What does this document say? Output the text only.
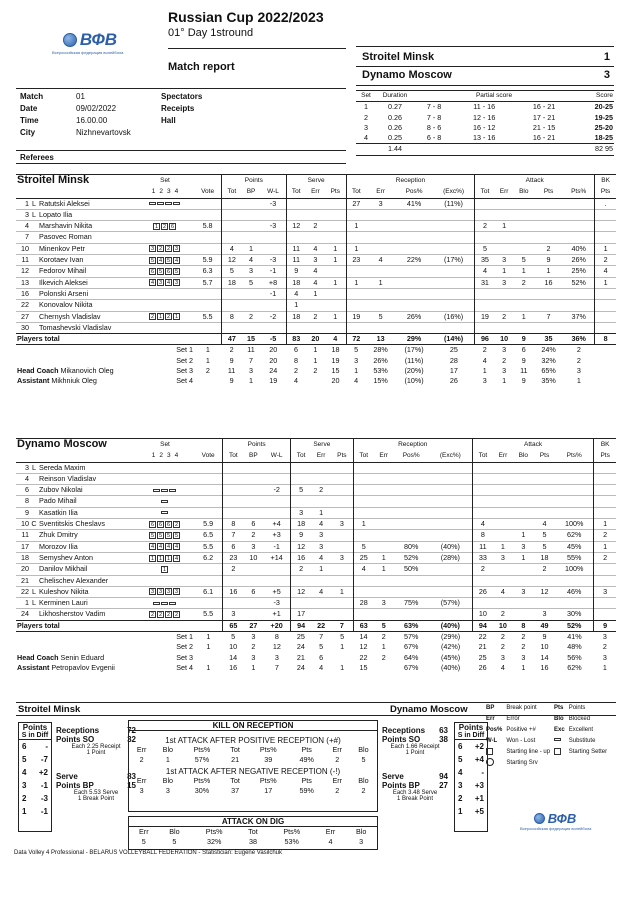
ВФВ
Всероссийская федерация волейбола
Russian Cup 2022/2023
01° Day 1stround
Match report
Stroitel Minsk	1
Dynamo Moscow	3
Match	01
Date	09/02/2022
Time	16.00.00
City	Nizhnevartovsk
Spectators
Receipts
Hall
Referees
Set	Duration	Partial score			Score
1	0.27	7 - 8	11 - 16	16 - 21	20-25
2	0.26	7 - 8	12 - 16	17 - 21	19-25
3	0.26	8 - 6	16 - 12	21 - 15	25-20
4	0.25	6 - 8	13 - 16	16 - 21	18-25
	1.44				82 95
Stroitel Minsk			Set		Points			Serve			Reception				Attack					BK
			1 2 3 4	Vote	Tot	BP	W-L	Tot	Err	Pts	Tot	Err	Pos%	(Exc%)	Tot	Err	Blo	Pts	Pts%	Pts
1	L	Ratutski Aleksei					-3				27	3	41%	(11%)						.
3	L	Lopato Ilia																		
4		Marshavin Nikita	1 2 6	5.8			-3	12	2		1				2	1				
7		Pasovec Roman																		
10		Minenkov Petr	3 2 2 3		4	1		11	4	1	1				5			2	40%	1
11		Korotaev Ivan	5 4 5 4	5.9	12	4	-3	11	3	1	23	4	22%	(17%)	35	3	5	9	26%	2
12		Fedorov Mihail	6 5 6 5	6.3	5	3	-1	9	4						4	1	1	1	25%	4
13		Ilkevich Aleksei	4 3 4 3	5.7	18	5	+8	18	4	1	1	1			31	3	2	16	52%	1
16		Polonski Arseni					-1	4	1											
22		Konovalov Nikita						1												
27		Chernysh Vladislav	2 1 2 1	5.5	8	2	-2	18	2	1	19	5	26%	(16%)	19	2	1	7	37%	
30		Tomashevski Vladislav																		
Players total					47	15	-5	83	20	4	72	13	29%	(14%)	96	10	9	35	36%	8
			Set 1	1	2	11	20	6	1	18	5	28%	(17%)	25	2	3	6	24%	2	
			Set 2	1	9	7	20	8	1	19	3	26%	(11%)	28	4	2	9	32%	2	
Head Coach Mikanovich Oleg			Set 3	2	11	3	24	2	2	15	1	53%	(20%)	17	1	3	11	65%	3	
Assistant Mikhniuk Oleg			Set 4		9	1	19	4		20	4	15%	(10%)	26	3	1	9	35%	1	
Dynamo Moscow			Set		Points			Serve			Reception				Attack					BK
			1 2 3 4	Vote	Tot	BP	W-L	Tot	Err	Pts	Tot	Err	Pos%	(Exc%)	Tot	Err	Blo	Pts	Pts%	Pts
3	L	Sereda Maxim																		
4		Reinson Vladislav																		
6		Zubov Nikolai					-2	5	2											
8		Pado Mihail																		
9		Kasatkin Ilia						3	1											
10	C	Sventitskis Cheslavs	6 6 6 2	5.9	8	6	+4	18	4	3	1				4			4	100%	1
11		Zhuk Dmitry	5 5 5 5	6.5	7	2	+3	9	3						8		1	5	62%	2
17		Morozov Ilia	4 4 4 4	5.5	6	3	-1	12	3		5		80%	(40%)	11	1	3	5	45%	1
18		Semyshev Anton	1 1 1 4	6.2	23	10	+14	16	4	3	25	1	52%	(28%)	33	3	1	18	55%	2
20		Danilov Mikhail	1		2			2	1		4	1	50%		2			2	100%	
21		Chelischev Alexander																		
22	L	Kuleshov Nikita	3 3 3 3	6.1	16	6	+5	12	4	1					26	4	3	12	46%	3
1	L	Kerminen Lauri					-3				28	3	75%	(57%)						
24		Likhosherstov Vadim	2 2 2 2	5.5	3		+1	17							10	2		3	30%	
Players total					65	27	+20	94	22	7	63	5	63%	(40%)	94	10	8	49	52%	9
			Set 1	1	5	3	8	25	7	5	14	2	57%	(29%)	22	2	2	9	41%	3
			Set 2	1	10	2	12	24	5	1	12	1	67%	(42%)	21	2	2	10	48%	2
Head Coach Senin Eduard			Set 3		14	3	3	21	6		22	2	64%	(45%)	25	3	3	14	56%	3
Assistant Petropavlov Evgenii			Set 4	1	16	1	7	24	4	1	15		67%	(40%)	26	4	1	16	62%	1
Stroitel Minsk	Dynamo Moscow
Points
S in Diff
6 -
5 -7
4 +2
3 -1
2 -3
1 -1
Receptions	72
Points SO	32
Each 2.25 Receipt
1 Point
Serve	83
Points BP	15
Each 5.53 Serve
1 Break Point
KILL ON RECEPTION
1st ATTACK AFTER POSITIVE RECEPTION (+#)
Err	Blo	Pts%	Tot	Pts%	Pts	Err	Blo
2	1	57%	21	39	49%	2	5
1st ATTACK AFTER NEGATIVE RECEPTION (-!)
Err	Blo	Pts%	Tot	Pts%	Pts	Err	Blo
3	3	30%	37	17	59%	2	2
ATTACK ON DIG
Err	Blo	Pts%	Tot	Pts%	Err	Blo
5	5	32%	38	53%	4	3
Receptions 63
Points SO 38
Each 1.66 Receipt
1 Point
Serve	94
Points BP 27
Each 3.48 Serve
1 Break Point
Points
S in Diff
6 +2
5 +4
4 -
3 +3
2 +1
1 +5
BP	Break point	Pts	Points
Err	Error	Blo	Blocked
Pos%	Positive +#	Exc	Excellent
W-L	Won - Lost		Substitute
	Starting line - up		Starting Setter
	Starting Srv		
ВФВ
Всероссийская федерация волейбола
Data Volley 4 Professional - BELARUS VOLLEYBALL FEDERATION - Statistician: Eugene Vasilchuk
